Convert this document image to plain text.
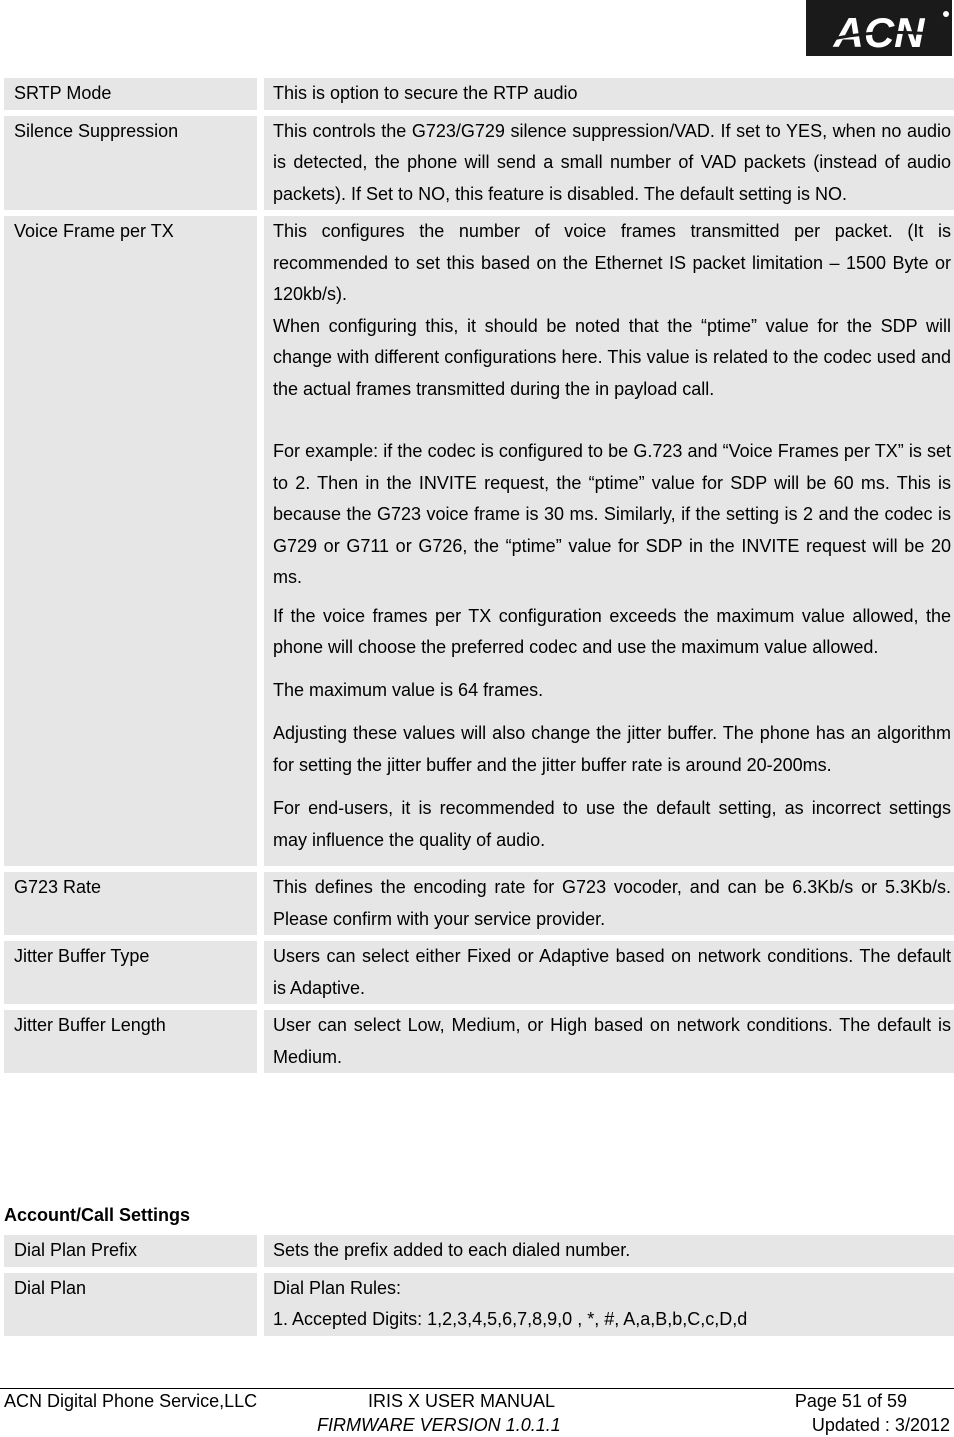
ACN
SRTP Mode	This is option to secure the RTP audio

Silence Suppression	This controls the G723/G729 silence suppression/VAD. If set to YES, when no audio is detected, the phone will send a small number of VAD packets (instead of audio packets). If Set to NO, this feature is disabled. The default setting is NO.

Voice Frame per TX	This configures the number of voice frames transmitted per packet. (It is recommended to set this based on the Ethernet IS packet limitation – 1500 Byte or 120kb/s).

When configuring this, it should be noted that the “ptime” value for the SDP will change with different configurations here. This value is related to the codec used and the actual frames transmitted during the in payload call.

For example: if the codec is configured to be G.723 and “Voice Frames per TX” is set to 2. Then in the INVITE request, the “ptime” value for SDP will be 60 ms. This is because the G723 voice frame is 30 ms. Similarly, if the setting is 2 and the codec is G729 or G711 or G726, the “ptime” value for SDP in the INVITE request will be 20 ms.

If the voice frames per TX configuration exceeds the maximum value allowed, the phone will choose the preferred codec and use the maximum value allowed.

The maximum value is 64 frames.

Adjusting these values will also change the jitter buffer. The phone has an algorithm for setting the jitter buffer and the jitter buffer rate is around 20-200ms.

For end-users, it is recommended to use the default setting, as incorrect settings may influence the quality of audio.

G723 Rate	This defines the encoding rate for G723 vocoder, and can be 6.3Kb/s or 5.3Kb/s. Please confirm with your service provider.

Jitter Buffer Type	Users can select either Fixed or Adaptive based on network conditions. The default is Adaptive.

Jitter Buffer Length	User can select Low, Medium, or High based on network conditions. The default is Medium.

Account/Call Settings
Dial Plan Prefix	Sets the prefix added to each dialed number.

Dial Plan	Dial Plan Rules:

1. Accepted Digits: 1,2,3,4,5,6,7,8,9,0 , *, #, A,a,B,b,C,c,D,d

ACN Digital Phone Service,LLC	IRIS X USER MANUAL
FIRMWARE VERSION 1.0.1.1
Page 51 of 59
Updated : 3/2012
